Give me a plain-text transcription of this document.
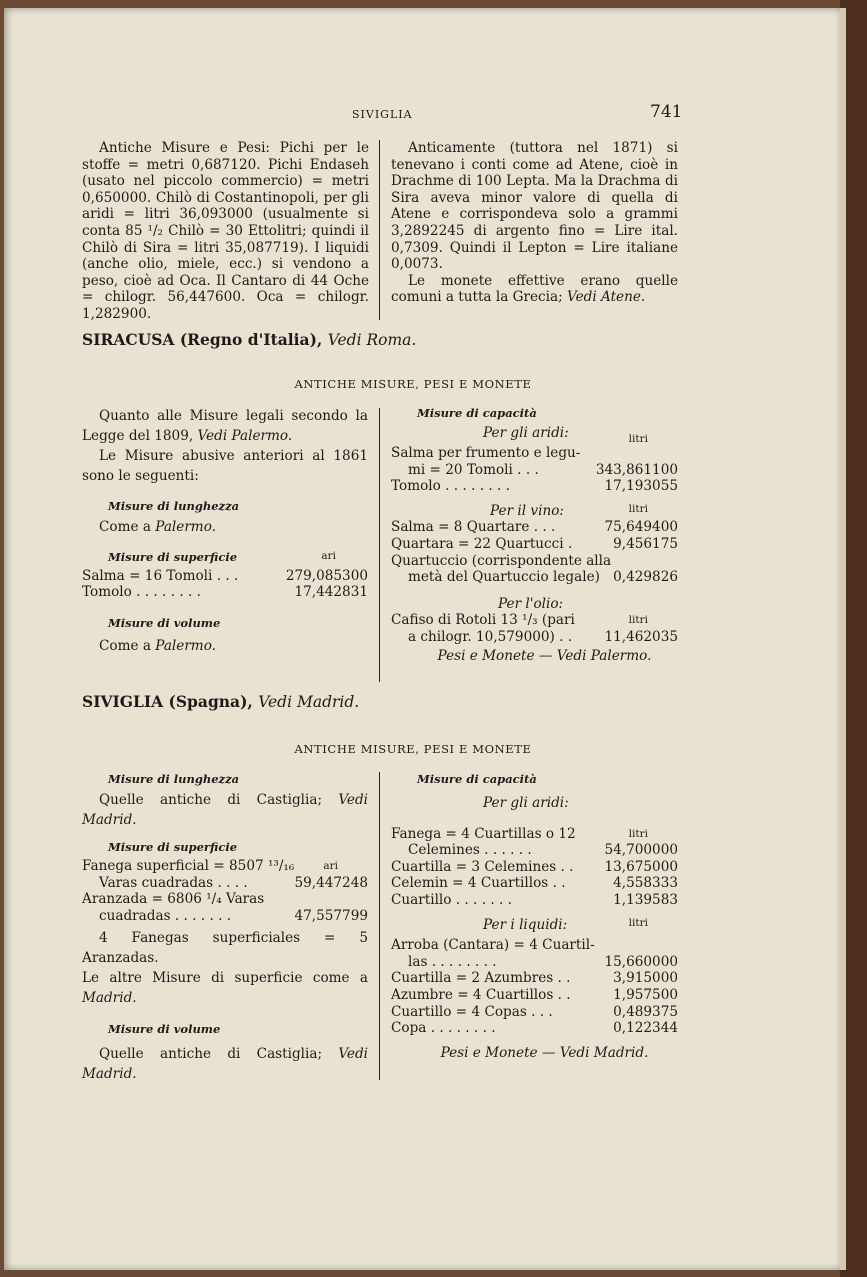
SIVIGLIA	741

Antiche Misure e Pesi: Pichi per le stoffe = metri 0,687120. Pichi Endaseh (usato nel piccolo commercio) = metri 0,650000. Chilò di Costantinopoli, per gli aridi = litri 36,093000 (usualmente si conta 85 ¹/₂ Chilò = 30 Ettolitri; quindi il Chilò di Sira = litri 35,087719). I liquidi (anche olio, miele, ecc.) si vendono a peso, cioè ad Oca. Il Cantaro di 44 Oche = chilogr. 56,447600. Oca = chilogr. 1,282900.

Anticamente (tuttora nel 1871) si tenevano i conti come ad Atene, cioè in Drachme di 100 Lepta. Ma la Drachma di Sira aveva minor valore di quella di Atene e corrispondeva solo a grammi 3,2892245 di argento fino = Lire ital. 0,7309. Quindi il Lepton = Lire italiane 0,0073.

Le monete effettive erano quelle comuni a tutta la Grecia; Vedi Atene.

SIRACUSA (Regno d'Italia), Vedi Roma.
ANTICHE MISURE, PESI E MONETE

Quanto alle Misure legali secondo la Legge del 1809, Vedi Palermo.

Le Misure abusive anteriori al 1861 sono le seguenti:

Misure di lunghezza

Come a Palermo.

Misure di superficie	ari
Salma = 16 Tomoli . . .	279,085300
Tomolo . . . . . . . .	17,442831
Misure di volume

Come a Palermo.

Misure di capacità
Per gli aridi:	litri
Salma per frumento e legu-
mi = 20 Tomoli . . .	343,861100
Tomolo . . . . . . . .	17,193055
Per il vino:	litri
Salma = 8 Quartare . . .	75,649400
Quartara = 22 Quartucci .	9,456175
Quartuccio (corrispondente alla
metà del Quartuccio legale) 0,429826
Per l'olio:
Cafiso di Rotoli 13 ¹/₃ (pari	litri
a chilogr. 10,579000) . .	11,462035
Pesi e Monete — Vedi Palermo.
SIVIGLIA (Spagna), Vedi Madrid.
ANTICHE MISURE, PESI E MONETE
Misure di lunghezza

Quelle antiche di Castiglia; Vedi Madrid.

Misure di superficie
Fanega superficial = 8507 ¹³/₁₆	ari
Varas cuadradas . . . .	59,447248
Aranzada = 6806 ¹/₄ Varas
cuadradas . . . . . . .	47,557799

4 Fanegas superficiales = 5 Aranzadas.

Le altre Misure di superficie come a Madrid.

Misure di volume

Quelle antiche di Castiglia; Vedi Madrid.

Misure di capacità
Per gli aridi:
Fanega = 4 Cuartillas o 12	litri
Celemines . . . . . .	54,700000
Cuartilla = 3 Celemines . .	13,675000
Celemin = 4 Cuartillos . .	4,558333
Cuartillo . . . . . . .	1,139583
Per i liquidi:	litri
Arroba (Cantara) = 4 Cuartil-
las . . . . . . . .	15,660000
Cuartilla = 2 Azumbres . .	3,915000
Azumbre = 4 Cuartillos . .	1,957500
Cuartillo = 4 Copas . . .	0,489375
Copa . . . . . . . .	0,122344
Pesi e Monete — Vedi Madrid.
